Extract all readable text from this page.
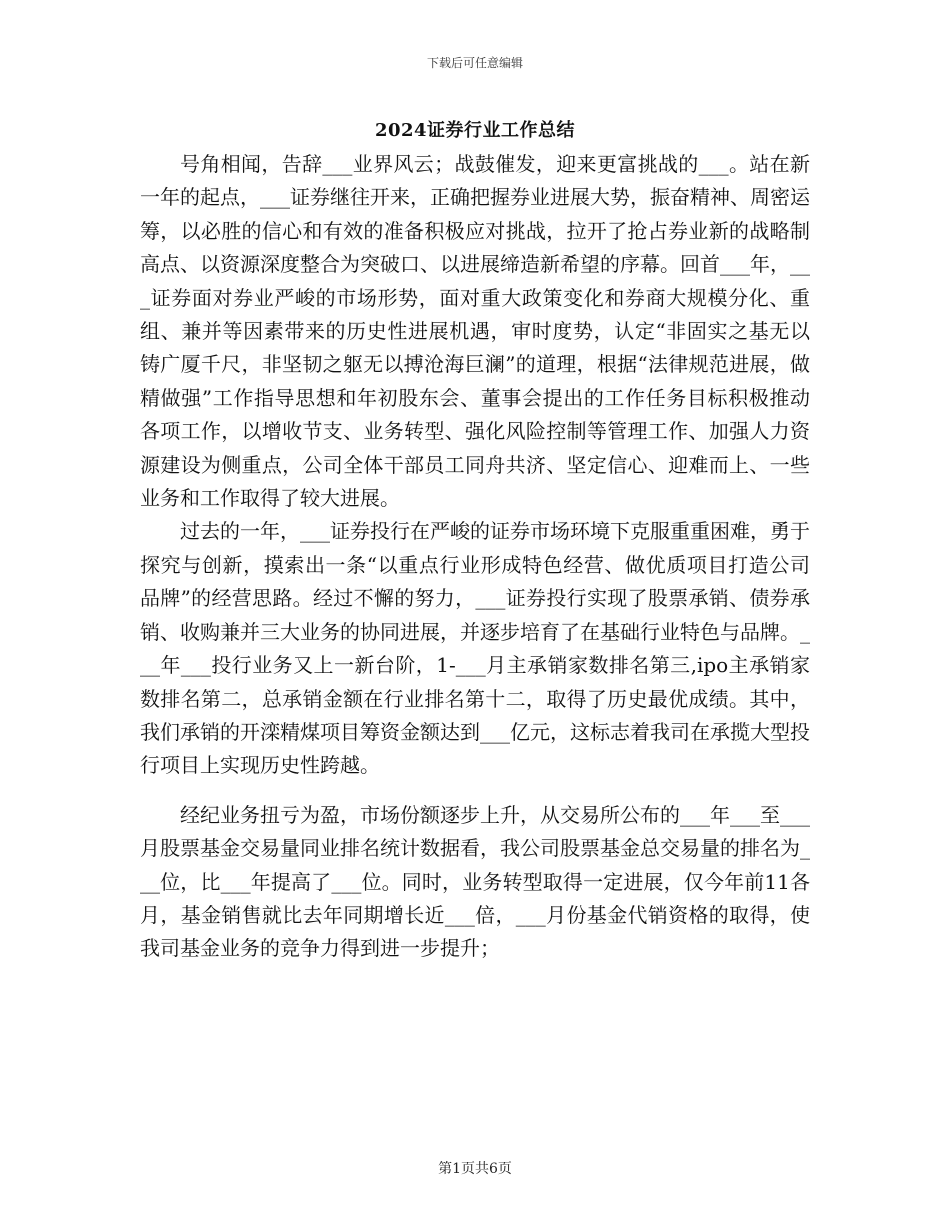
下载后可任意编辑
2024证券行业工作总结

号角相闻，告辞___业界风云；战鼓催发，迎来更富挑战的___。站在新一年的起点，___证券继往开来，正确把握券业进展大势，振奋精神、周密运筹，以必胜的信心和有效的准备积极应对挑战，拉开了抢占券业新的战略制高点、以资源深度整合为突破口、以进展缔造新希望的序幕。回首___年，___证券面对券业严峻的市场形势，面对重大政策变化和券商大规模分化、重组、兼并等因素带来的历史性进展机遇，审时度势，认定“非固实之基无以铸广厦千尺，非坚韧之躯无以搏沧海巨澜”的道理，根据“法律规范进展，做精做强”工作指导思想和年初股东会、董事会提出的工作任务目标积极推动各项工作，以增收节支、业务转型、强化风险控制等管理工作、加强人力资源建设为侧重点，公司全体干部员工同舟共济、坚定信心、迎难而上、一些业务和工作取得了较大进展。

过去的一年，___证券投行在严峻的证券市场环境下克服重重困难，勇于探究与创新，摸索出一条“以重点行业形成特色经营、做优质项目打造公司品牌”的经营思路。经过不懈的努力，___证券投行实现了股票承销、债券承销、收购兼并三大业务的协同进展，并逐步培育了在基础行业特色与品牌。___年___投行业务又上一新台阶，1-___月主承销家数排名第三,ipo主承销家数排名第二，总承销金额在行业排名第十二，取得了历史最优成绩。其中，我们承销的开滦精煤项目筹资金额达到___亿元，这标志着我司在承揽大型投行项目上实现历史性跨越。

经纪业务扭亏为盈，市场份额逐步上升，从交易所公布的___年___至___月股票基金交易量同业排名统计数据看，我公司股票基金总交易量的排名为___位，比___年提高了___位。同时，业务转型取得一定进展，仅今年前11各月，基金销售就比去年同期增长近___倍，___月份基金代销资格的取得，使我司基金业务的竞争力得到进一步提升；

第1页共6页
